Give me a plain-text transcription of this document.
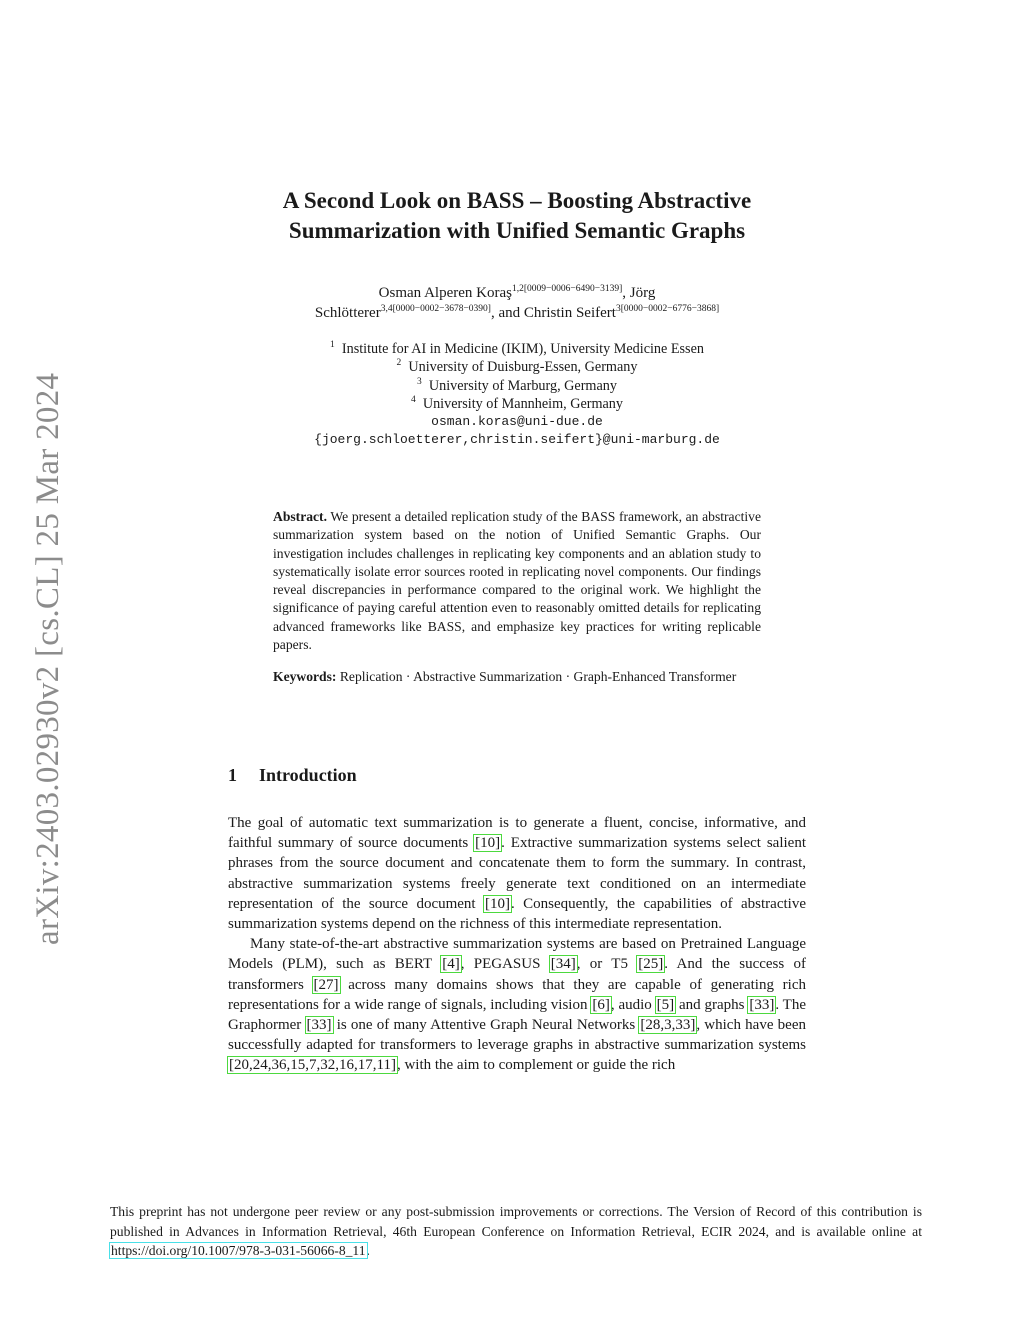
arXiv:2403.02930v2 [cs.CL] 25 Mar 2024
A Second Look on BASS – Boosting Abstractive
Summarization with Unified Semantic Graphs
Osman Alperen Koraş$^{1,2[0009-0006-6490-3139]}$, Jörg
Schlötterer$^{3,4[0000-0002-3678-0390]}$, and Christin Seifert$^{3[0000-0002-6776-3868]}$
$^1$ Institute for AI in Medicine (IKIM), University Medicine Essen
$^2$ University of Duisburg-Essen, Germany
$^3$ University of Marburg, Germany
$^4$ University of Mannheim, Germany
osman.koras@uni-due.de
{joerg.schloetterer,christin.seifert}@uni-marburg.de

Abstract. We present a detailed replication study of the BASS framework, an abstractive summarization system based on the notion of Unified Semantic Graphs. Our investigation includes challenges in replicating key components and an ablation study to systematically isolate error sources rooted in replicating novel components. Our findings reveal discrepancies in performance compared to the original work. We highlight the significance of paying careful attention even to reasonably omitted details for replicating advanced frameworks like BASS, and emphasize key practices for writing replicable papers.

Keywords: Replication · Abstractive Summarization · Graph-Enhanced Transformer

1 Introduction

The goal of automatic text summarization is to generate a fluent, concise, informative, and faithful summary of source documents [10]. Extractive summarization systems select salient phrases from the source document and concatenate them to form the summary. In contrast, abstractive summarization systems freely generate text conditioned on an intermediate representation of the source document [10]. Consequently, the capabilities of abstractive summarization systems depend on the richness of this intermediate representation.

Many state-of-the-art abstractive summarization systems are based on Pretrained Language Models (PLM), such as BERT [4], PEGASUS [34], or T5 [25]. And the success of transformers [27] across many domains shows that they are capable of generating rich representations for a wide range of signals, including vision [6], audio [5] and graphs [33]. The Graphormer [33] is one of many Attentive Graph Neural Networks [28,3,33], which have been successfully adapted for transformers to leverage graphs in abstractive summarization systems [20,24,36,15,7,32,16,17,11], with the aim to complement or guide the rich

This preprint has not undergone peer review or any post-submission improvements or corrections. The Version of Record of this contribution is published in Advances in Information Retrieval, 46th European Conference on Information Retrieval, ECIR 2024, and is available online at https://doi.org/10.1007/978-3-031-56066-8_11.
